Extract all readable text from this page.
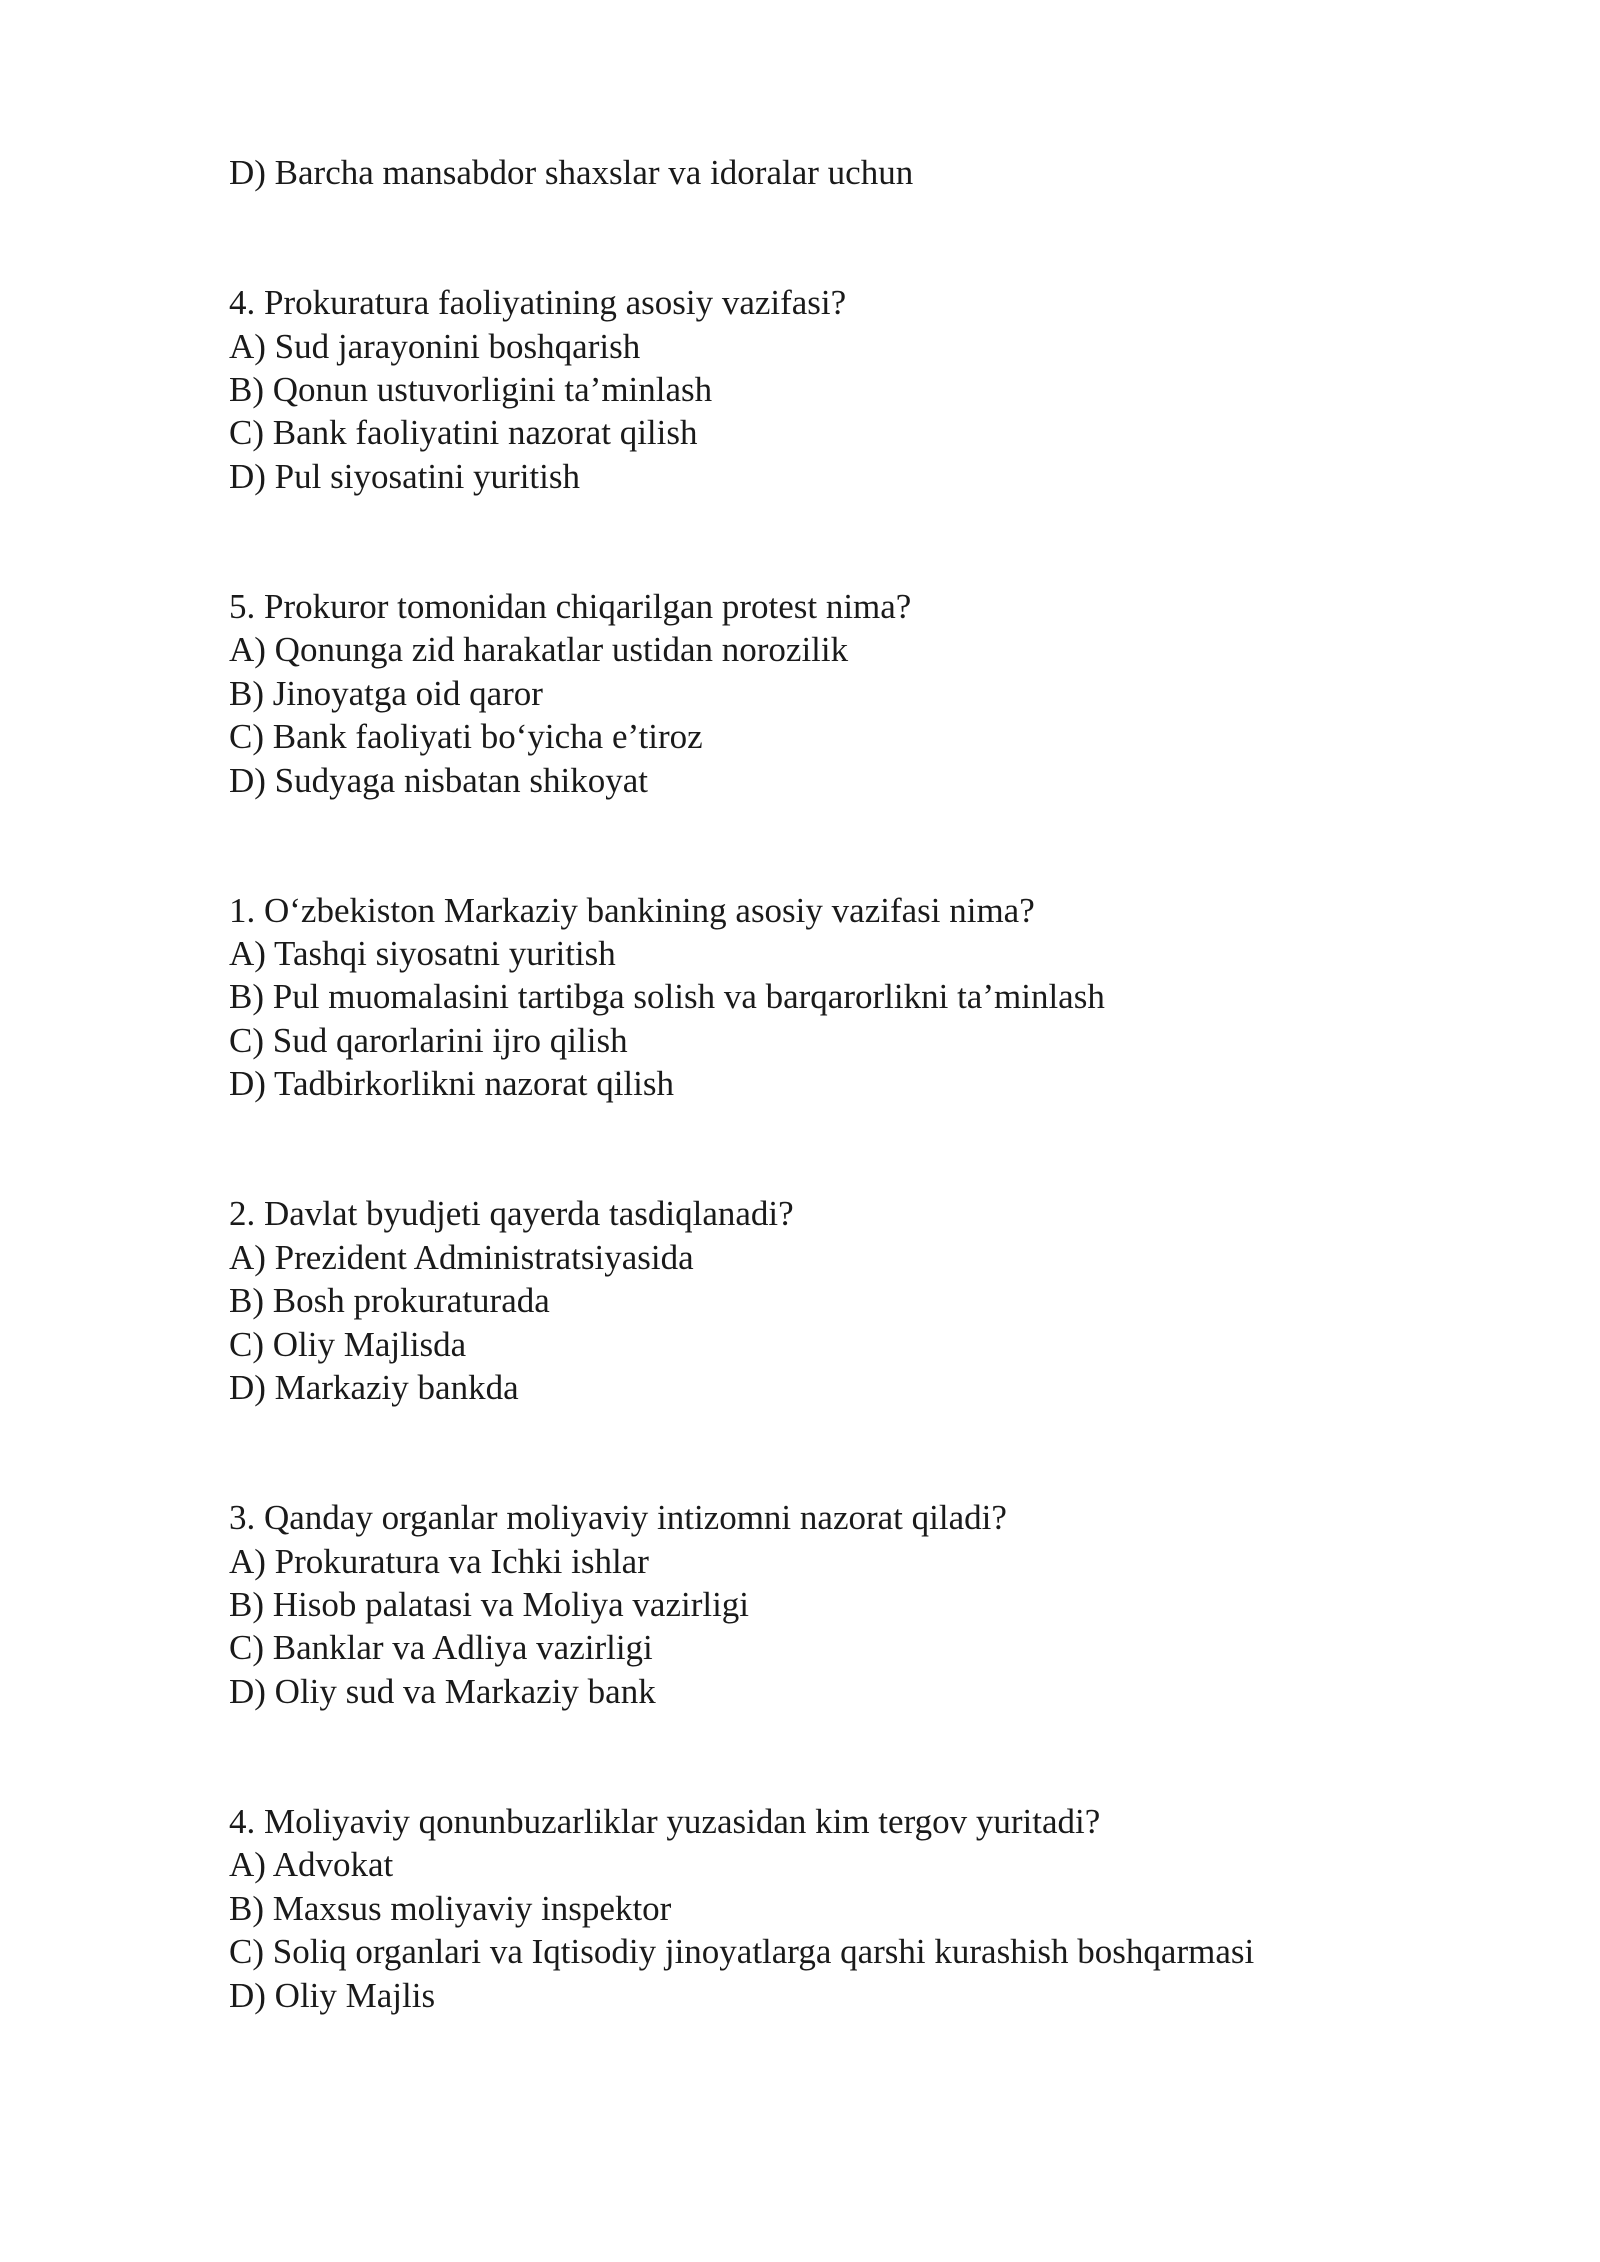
D) Barcha mansabdor shaxslar va idoralar uchun
4. Prokuratura faoliyatining asosiy vazifasi?
A) Sud jarayonini boshqarish
B) Qonun ustuvorligini ta’minlash
C) Bank faoliyatini nazorat qilish
D) Pul siyosatini yuritish
5. Prokuror tomonidan chiqarilgan protest nima?
A) Qonunga zid harakatlar ustidan norozilik
B) Jinoyatga oid qaror
C) Bank faoliyati bo‘yicha e’tiroz
D) Sudyaga nisbatan shikoyat
1. O‘zbekiston Markaziy bankining asosiy vazifasi nima?
A) Tashqi siyosatni yuritish
B) Pul muomalasini tartibga solish va barqarorlikni ta’minlash
C) Sud qarorlarini ijro qilish
D) Tadbirkorlikni nazorat qilish
2. Davlat byudjeti qayerda tasdiqlanadi?
A) Prezident Administratsiyasida
B) Bosh prokuraturada
C) Oliy Majlisda
D) Markaziy bankda
3. Qanday organlar moliyaviy intizomni nazorat qiladi?
A) Prokuratura va Ichki ishlar
B) Hisob palatasi va Moliya vazirligi
C) Banklar va Adliya vazirligi
D) Oliy sud va Markaziy bank
4. Moliyaviy qonunbuzarliklar yuzasidan kim tergov yuritadi?
A) Advokat
B) Maxsus moliyaviy inspektor
C) Soliq organlari va Iqtisodiy jinoyatlarga qarshi kurashish boshqarmasi
D) Oliy Majlis
